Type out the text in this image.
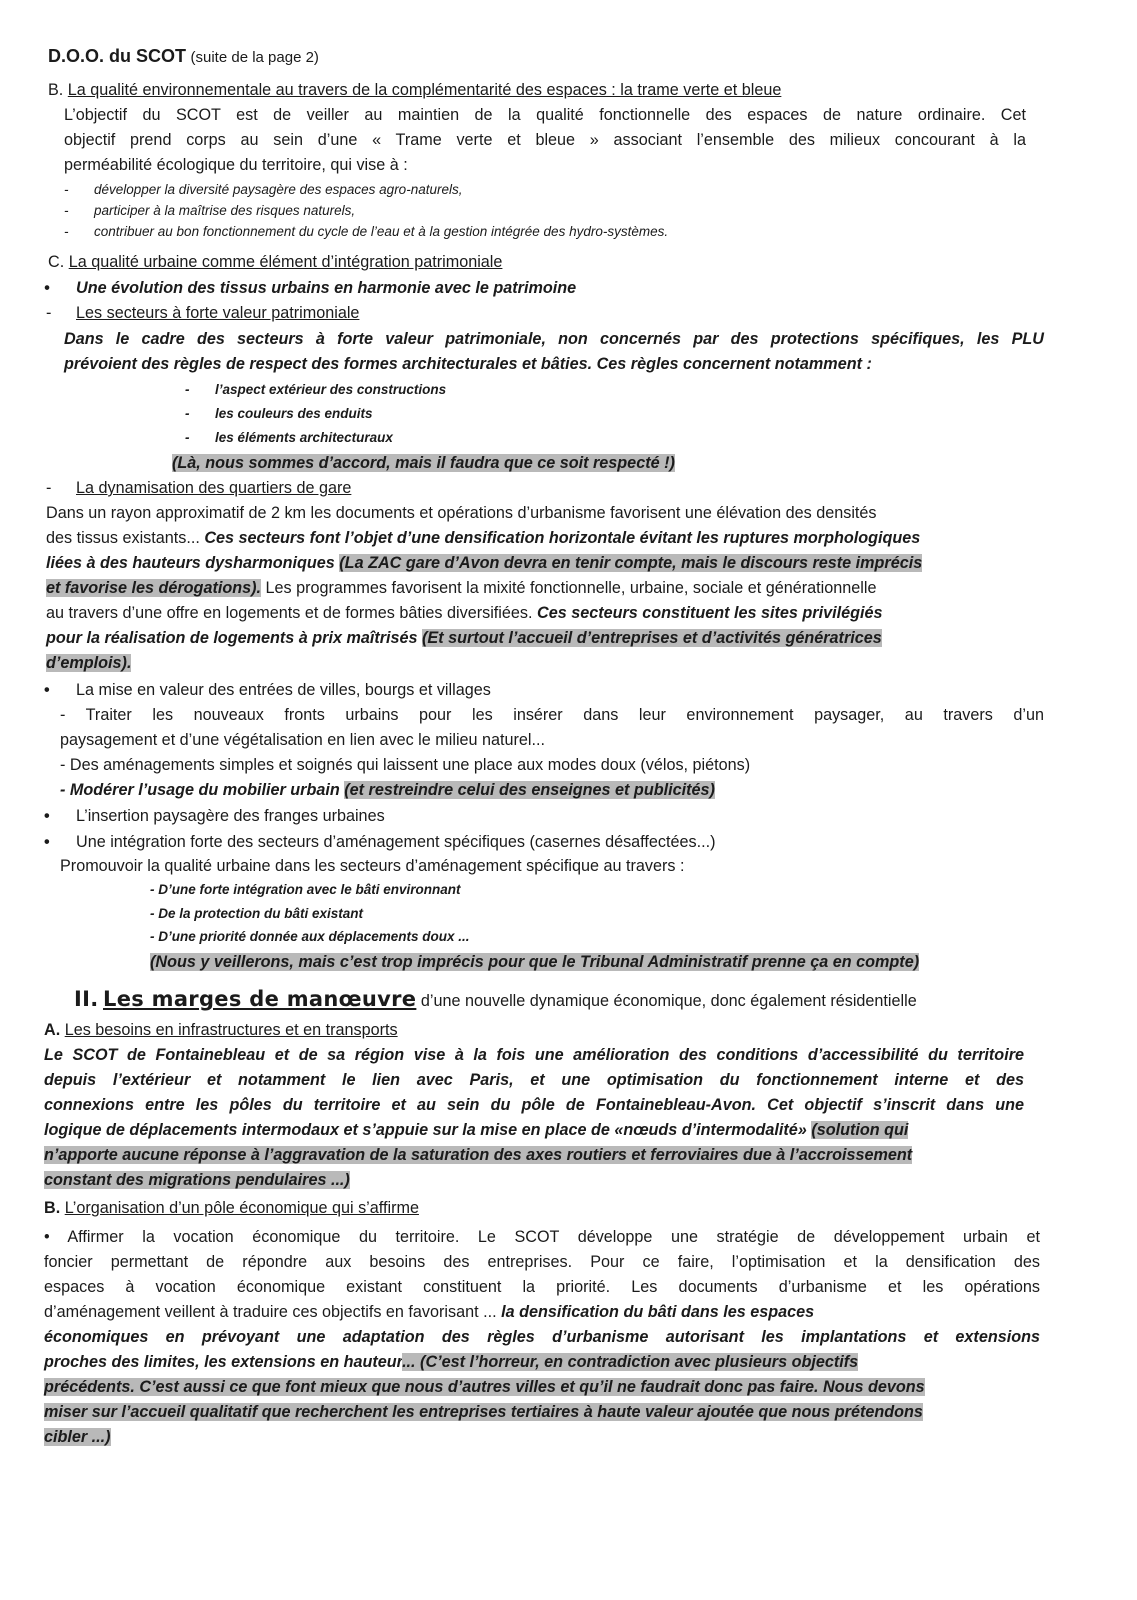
D.O.O. du SCOT (suite de la page 2)
B. La qualité environnementale au travers de la complémentarité des espaces : la trame verte et bleue
L’objectif du SCOT est de veiller au maintien de la qualité fonctionnelle des espaces de nature ordinaire. Cet
objectif prend corps au sein d’une « Trame verte et bleue » associant l’ensemble des milieux concourant à la
perméabilité écologique du territoire, qui vise à :
- développer la diversité paysagère des espaces agro-naturels,
- participer à la maîtrise des risques naturels,
- contribuer au bon fonctionnement du cycle de l’eau et à la gestion intégrée des hydro-systèmes.
C. La qualité urbaine comme élément d’intégration patrimoniale
• Une évolution des tissus urbains en harmonie avec le patrimoine
- Les secteurs à forte valeur patrimoniale
Dans le cadre des secteurs à forte valeur patrimoniale, non concernés par des protections spécifiques, les PLU
prévoient des règles de respect des formes architecturales et bâties. Ces règles concernent notamment :
- l’aspect extérieur des constructions
- les couleurs des enduits
- les éléments architecturaux
(Là, nous sommes d’accord, mais il faudra que ce soit respecté !)
- La dynamisation des quartiers de gare
Dans un rayon approximatif de 2 km les documents et opérations d’urbanisme favorisent une élévation des densités
des tissus existants... Ces secteurs font l’objet d’une densification horizontale évitant les ruptures morphologiques
liées à des hauteurs dysharmoniques (La ZAC gare d’Avon devra en tenir compte, mais le discours reste imprécis
et favorise les dérogations). Les programmes favorisent la mixité fonctionnelle, urbaine, sociale et générationnelle
au travers d’une offre en logements et de formes bâties diversifiées. Ces secteurs constituent les sites privilégiés
pour la réalisation de logements à prix maîtrisés (Et surtout l’accueil d’entreprises et d’activités génératrices
d’emplois).
• La mise en valeur des entrées de villes, bourgs et villages
- Traiter les nouveaux fronts urbains pour les insérer dans leur environnement paysager, au travers d’un
paysagement et d’une végétalisation en lien avec le milieu naturel...
- Des aménagements simples et soignés qui laissent une place aux modes doux (vélos, piétons)
- Modérer l’usage du mobilier urbain (et restreindre celui des enseignes et publicités)
• L’insertion paysagère des franges urbaines
• Une intégration forte des secteurs d’aménagement spécifiques (casernes désaffectées...)
Promouvoir la qualité urbaine dans les secteurs d’aménagement spécifique au travers :
- D’une forte intégration avec le bâti environnant
- De la protection du bâti existant
- D’une priorité donnée aux déplacements doux ...
(Nous y veillerons, mais c’est trop imprécis pour que le Tribunal Administratif prenne ça en compte)
II. Les marges de manœuvre d’une nouvelle dynamique économique, donc également résidentielle
A. Les besoins en infrastructures et en transports
Le SCOT de Fontainebleau et de sa région vise à la fois une amélioration des conditions d’accessibilité du territoire
depuis l’extérieur et notamment le lien avec Paris, et une optimisation du fonctionnement interne et des
connexions entre les pôles du territoire et au sein du pôle de Fontainebleau-Avon. Cet objectif s’inscrit dans une
logique de déplacements intermodaux et s’appuie sur la mise en place de «nœuds d’intermodalité» (solution qui
n’apporte aucune réponse à l’aggravation de la saturation des axes routiers et ferroviaires due à l’accroissement
constant des migrations pendulaires ...)
B. L’organisation d’un pôle économique qui s’affirme
• Affirmer la vocation économique du territoire. Le SCOT développe une stratégie de développement urbain et
foncier permettant de répondre aux besoins des entreprises. Pour ce faire, l’optimisation et la densification des
espaces à vocation économique existant constituent la priorité. Les documents d’urbanisme et les opérations
d’aménagement veillent à traduire ces objectifs en favorisant ... la densification du bâti dans les espaces
économiques en prévoyant une adaptation des règles d’urbanisme autorisant les implantations et extensions
proches des limites, les extensions en hauteur... (C’est l’horreur, en contradiction avec plusieurs objectifs
précédents. C’est aussi ce que font mieux que nous d’autres villes et qu’il ne faudrait donc pas faire. Nous devons
miser sur l’accueil qualitatif que recherchent les entreprises tertiaires à haute valeur ajoutée que nous prétendons
cibler ...)
